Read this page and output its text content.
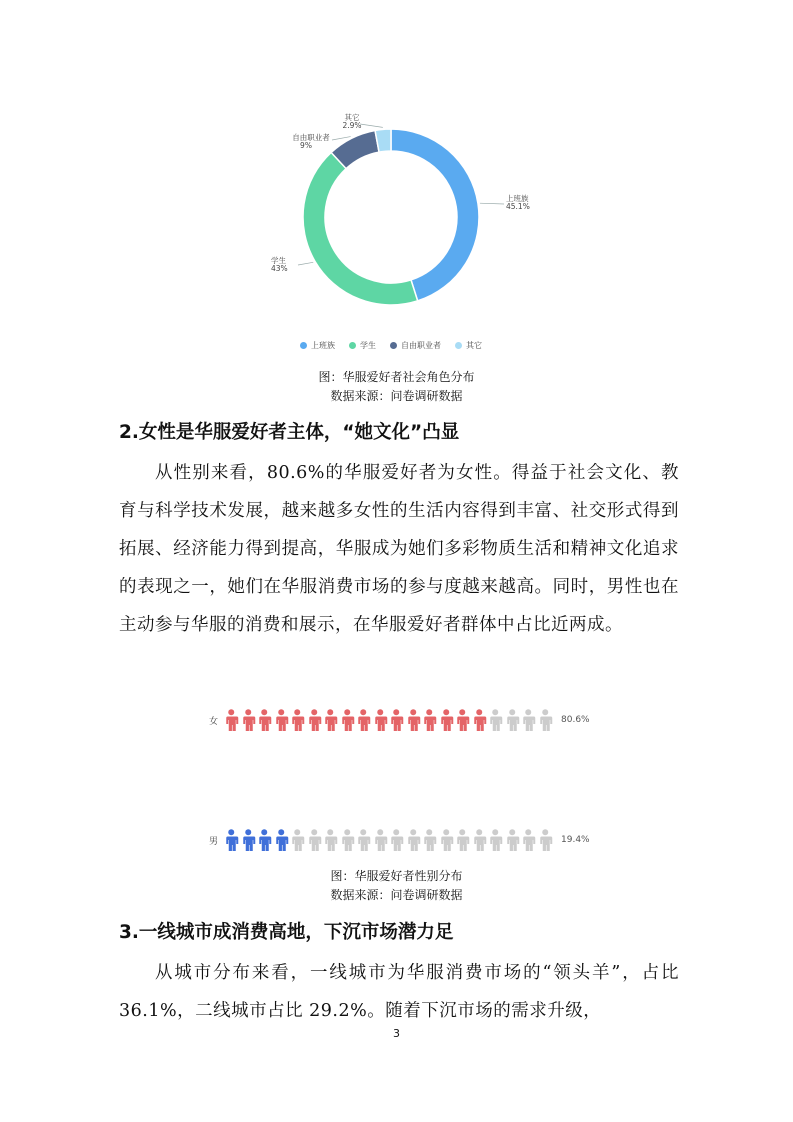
上班族
45.1%
学生
43%
自由职业者
9%
其它
2.9%
上班族	学生	自由职业者	其它
图：华服爱好者社会角色分布
数据来源：问卷调研数据
2.女性是华服爱好者主体，“她文化”凸显

从性别来看，80.6%的华服爱好者为女性。得益于社会文化、教育与科学技术发展，越来越多女性的生活内容得到丰富、社交形式得到拓展、经济能力得到提高，华服成为她们多彩物质生活和精神文化追求的表现之一，她们在华服消费市场的参与度越来越高。同时，男性也在主动参与华服的消费和展示，在华服爱好者群体中占比近两成。

女	80.6%
男	19.4%
图：华服爱好者性别分布
数据来源：问卷调研数据
3.一线城市成消费高地，下沉市场潜力足

从城市分布来看，一线城市为华服消费市场的“领头羊”，占比 36.1%，二线城市占比 29.2%。随着下沉市场的需求升级，

3
